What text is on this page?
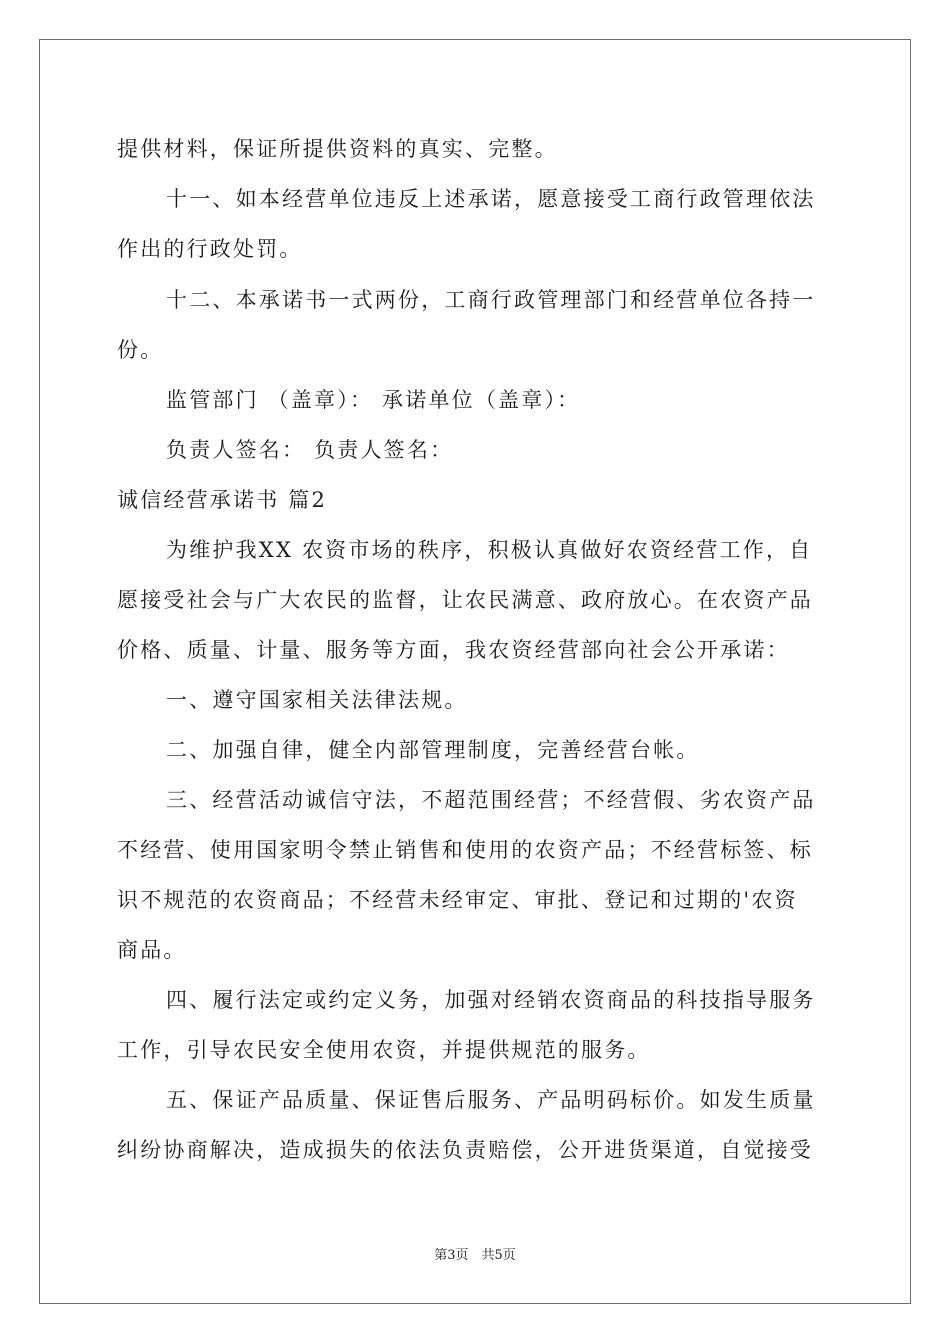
提供材料，保证所提供资料的真实、完整。
十一、如本经营单位违反上述承诺，愿意接受工商行政管理依法
作出的行政处罚。
十二、本承诺书一式两份，工商行政管理部门和经营单位各持一
份。
监管部门 （盖章）： 承诺单位（盖章）：
负责人签名： 负责人签名：
诚信经营承诺书 篇2
为维护我XX 农资市场的秩序，积极认真做好农资经营工作，自
愿接受社会与广大农民的监督，让农民满意、政府放心。在农资产品
价格、质量、计量、服务等方面，我农资经营部向社会公开承诺：
一、遵守国家相关法律法规。
二、加强自律，健全内部管理制度，完善经营台帐。
三、经营活动诚信守法，不超范围经营；不经营假、劣农资产品
不经营、使用国家明令禁止销售和使用的农资产品；不经营标签、标
识不规范的农资商品；不经营未经审定、审批、登记和过期的'农资
商品。
四、履行法定或约定义务，加强对经销农资商品的科技指导服务
工作，引导农民安全使用农资，并提供规范的服务。
五、保证产品质量、保证售后服务、产品明码标价。如发生质量
纠纷协商解决，造成损失的依法负责赔偿，公开进货渠道，自觉接受
第3页　共5页
